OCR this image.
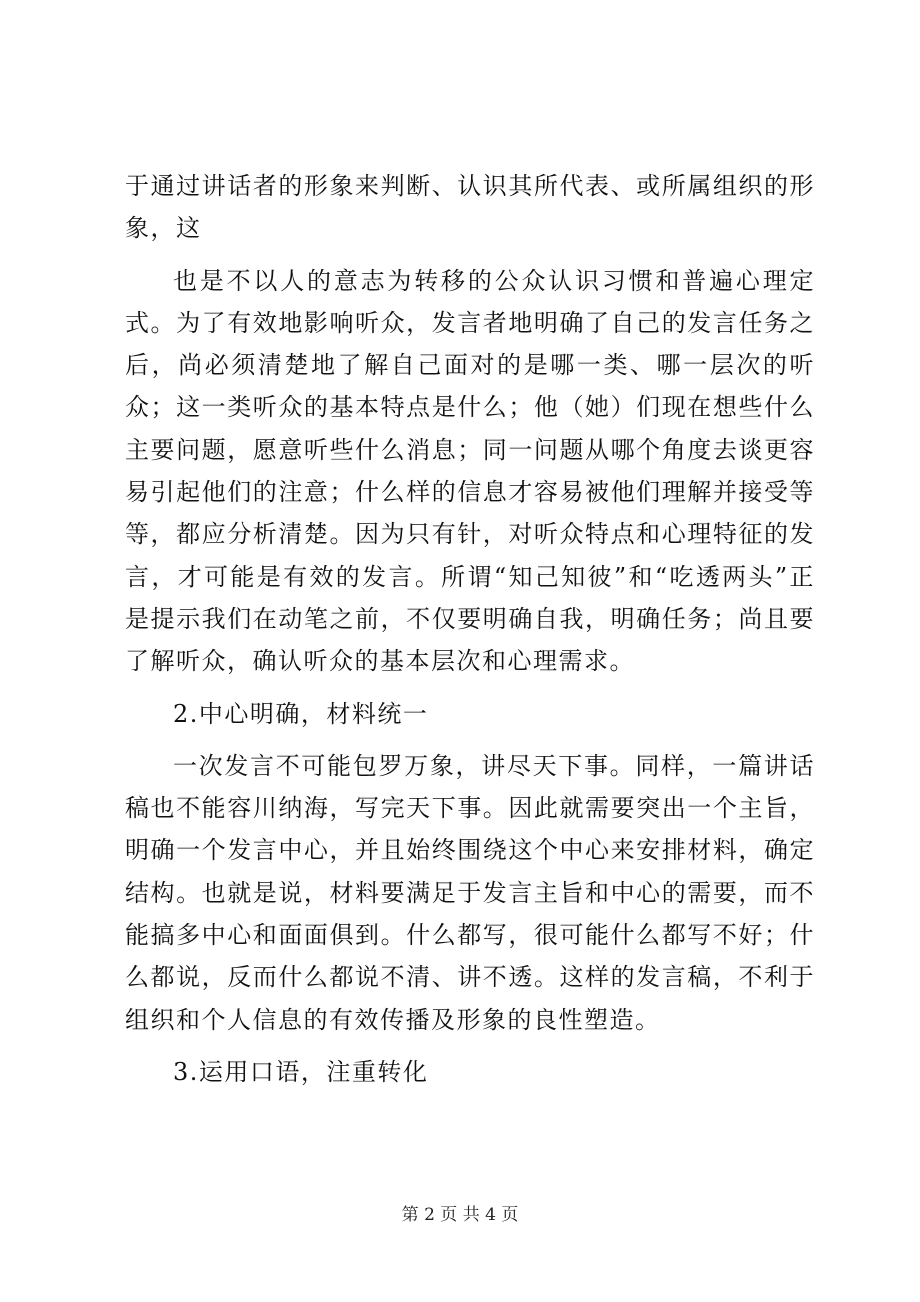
于通过讲话者的形象来判断、认识其所代表、或所属组织的形象，这

也是不以人的意志为转移的公众认识习惯和普遍心理定式。为了有效地影响听众，发言者地明确了自己的发言任务之后，尚必须清楚地了解自己面对的是哪一类、哪一层次的听众；这一类听众的基本特点是什么；他（她）们现在想些什么主要问题，愿意听些什么消息；同一问题从哪个角度去谈更容易引起他们的注意；什么样的信息才容易被他们理解并接受等等，都应分析清楚。因为只有针，对听众特点和心理特征的发言，才可能是有效的发言。所谓“知己知彼”和“吃透两头”正是提示我们在动笔之前，不仅要明确自我，明确任务；尚且要了解听众，确认听众的基本层次和心理需求。

2.中心明确，材料统一

一次发言不可能包罗万象，讲尽天下事。同样，一篇讲话稿也不能容川纳海，写完天下事。因此就需要突出一个主旨，明确一个发言中心，并且始终围绕这个中心来安排材料，确定结构。也就是说，材料要满足于发言主旨和中心的需要，而不能搞多中心和面面俱到。什么都写，很可能什么都写不好；什么都说，反而什么都说不清、讲不透。这样的发言稿，不利于组织和个人信息的有效传播及形象的良性塑造。

3.运用口语，注重转化

第 2 页 共 4 页
